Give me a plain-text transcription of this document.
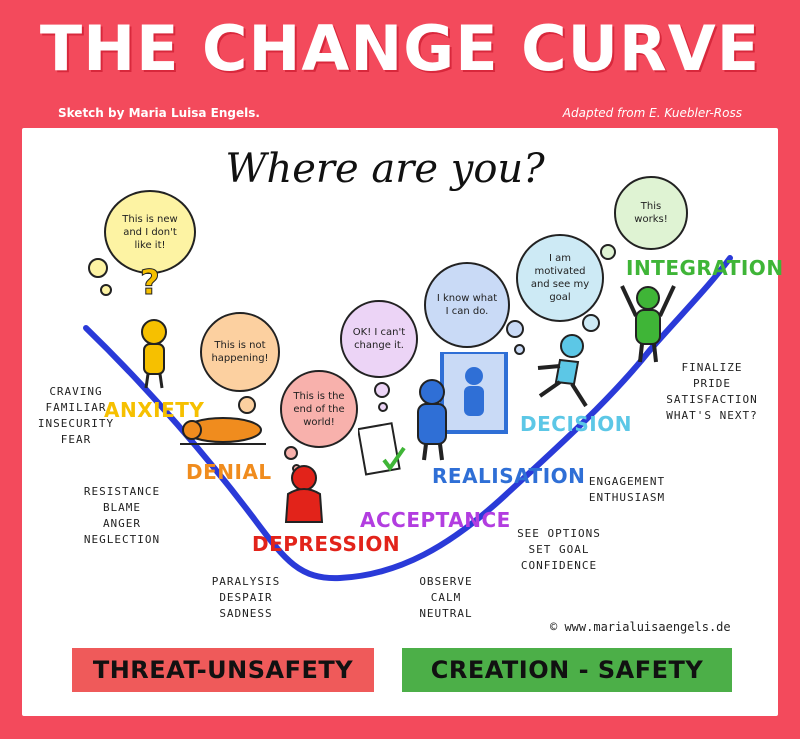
THE CHANGE CURVE
Sketch by Maria Luisa Engels.	Adapted from E. Kuebler-Ross
Where are you?
This is new and I don't like it!
This is not happening!
This is the end of the world!
OK! I can't change it.
I know what I can do.
I am motivated and see my goal
This works!
?
ANXIETY
DENIAL
DEPRESSION
ACCEPTANCE
REALISATION
DECISION
INTEGRATION
CRAVING
FAMILIAR
INSECURITY
FEAR
RESISTANCE
BLAME
ANGER
NEGLECTION
PARALYSIS
DESPAIR
SADNESS
OBSERVE
CALM
NEUTRAL
SEE OPTIONS
SET GOAL
CONFIDENCE
ENGAGEMENT
ENTHUSIASM
FINALIZE
PRIDE
SATISFACTION
WHAT'S NEXT?
© www.marialuisaengels.de
THREAT-UNSAFETY	CREATION - SAFETY
